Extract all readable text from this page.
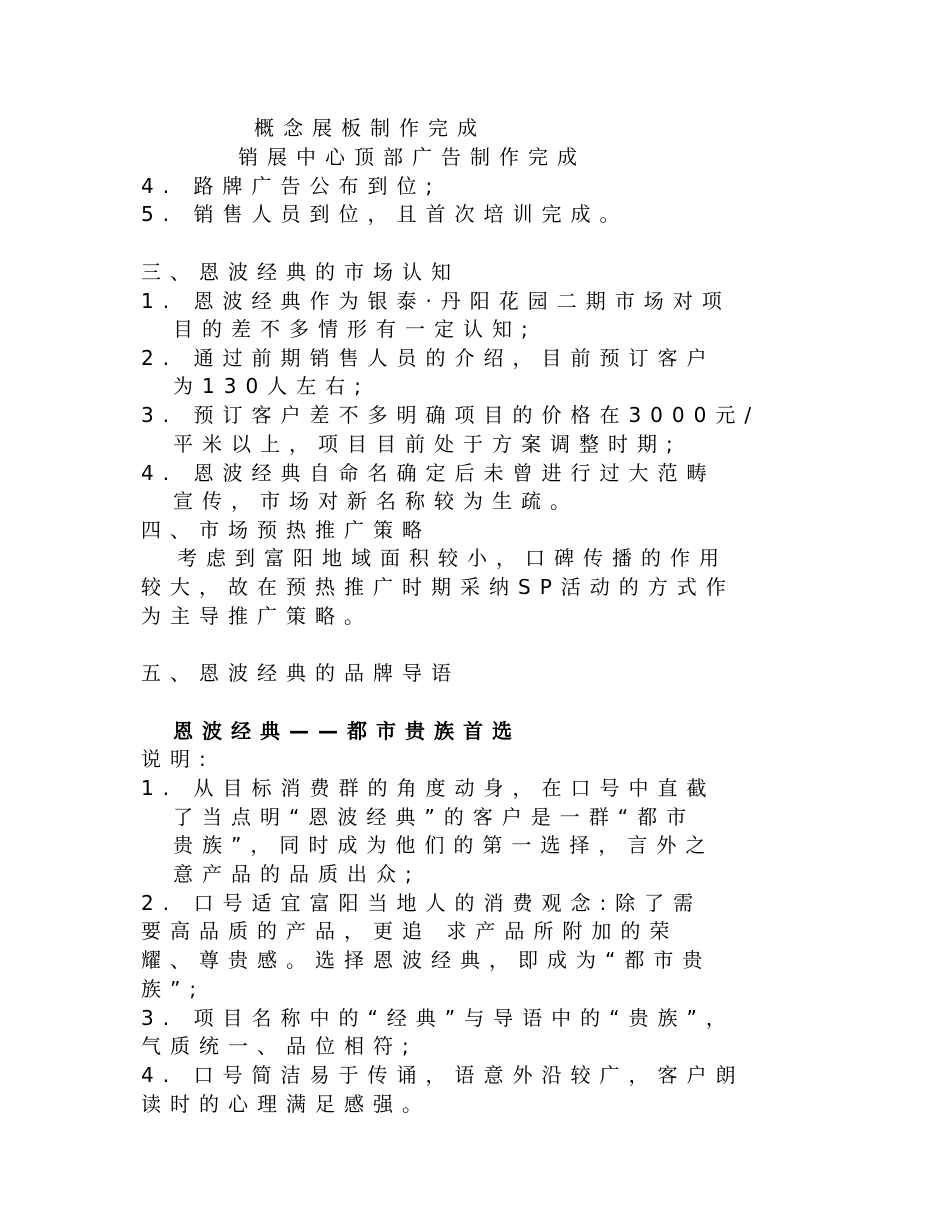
概念展板制作完成
销展中心顶部广告制作完成
4. 路牌广告公布到位;
5. 销售人员到位，且首次培训完成。
三、恩波经典的市场认知
1. 恩波经典作为银泰·丹阳花园二期市场对项
目的差不多情形有一定认知;
2. 通过前期销售人员的介绍，目前预订客户
为130人左右;
3. 预订客户差不多明确项目的价格在3000元/
平米以上，项目目前处于方案调整时期;
4. 恩波经典自命名确定后未曾进行过大范畴
宣传，市场对新名称较为生疏。
四、市场预热推广策略
考虑到富阳地域面积较小，口碑传播的作用
较大，故在预热推广时期采纳SP活动的方式作
为主导推广策略。
五、恩波经典的品牌导语
恩波经典——都市贵族首选
说明:
1. 从目标消费群的角度动身，在口号中直截
了当点明“恩波经典”的客户是一群“都市
贵族”，同时成为他们的第一选择，言外之
意产品的品质出众;
2. 口号适宜富阳当地人的消费观念:除了需
要高品质的产品，更追 求产品所附加的荣
耀、尊贵感。选择恩波经典，即成为“都市贵
族”;
3. 项目名称中的“经典”与导语中的“贵族”，
气质统一、品位相符;
4. 口号简洁易于传诵，语意外沿较广，客户朗
读时的心理满足感强。
